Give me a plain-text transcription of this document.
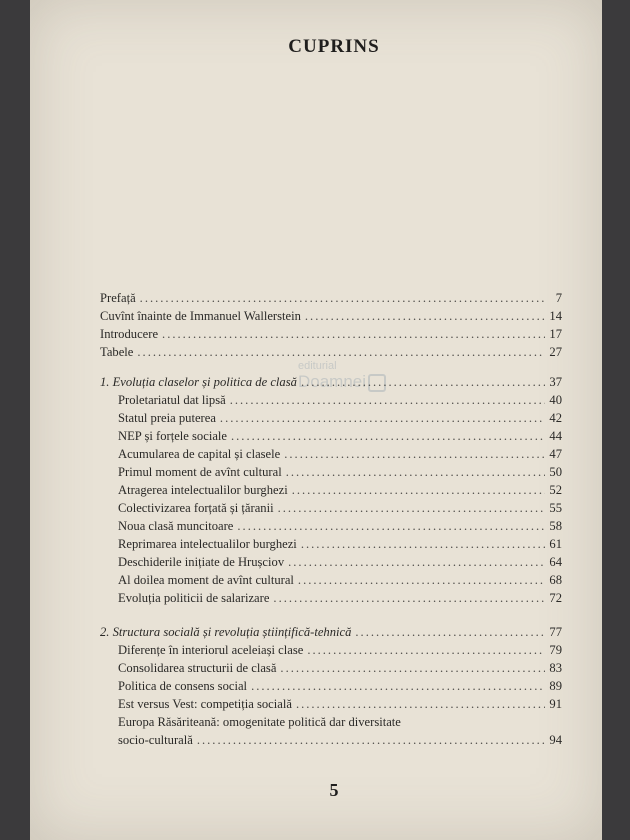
CUPRINS
editurial
Doamnei
Prefață .....	7
Cuvînt înainte de Immanuel Wallerstein .....	14
Introducere .....	17
Tabele .....	27
1. Evoluția claselor și politica de clasă .....	37
Proletariatul dat lipsă .....	40
Statul preia puterea .....	42
NEP și forțele sociale .....	44
Acumularea de capital și clasele .....	47
Primul moment de avînt cultural .....	50
Atragerea intelectualilor burghezi .....	52
Colectivizarea forțată și țăranii .....	55
Noua clasă muncitoare .....	58
Reprimarea intelectualilor burghezi .....	61
Deschiderile inițiate de Hrușciov .....	64
Al doilea moment de avînt cultural .....	68
Evoluția politicii de salarizare .....	72
2. Structura socială și revoluția științifică-tehnică .....	77
Diferențe în interiorul aceleiași clase .....	79
Consolidarea structurii de clasă .....	83
Politica de consens social .....	89
Est versus Vest: competiția socială .....	91
Europa Răsăriteană: omogenitate politică dar diversitate
socio-culturală .....	94
5
